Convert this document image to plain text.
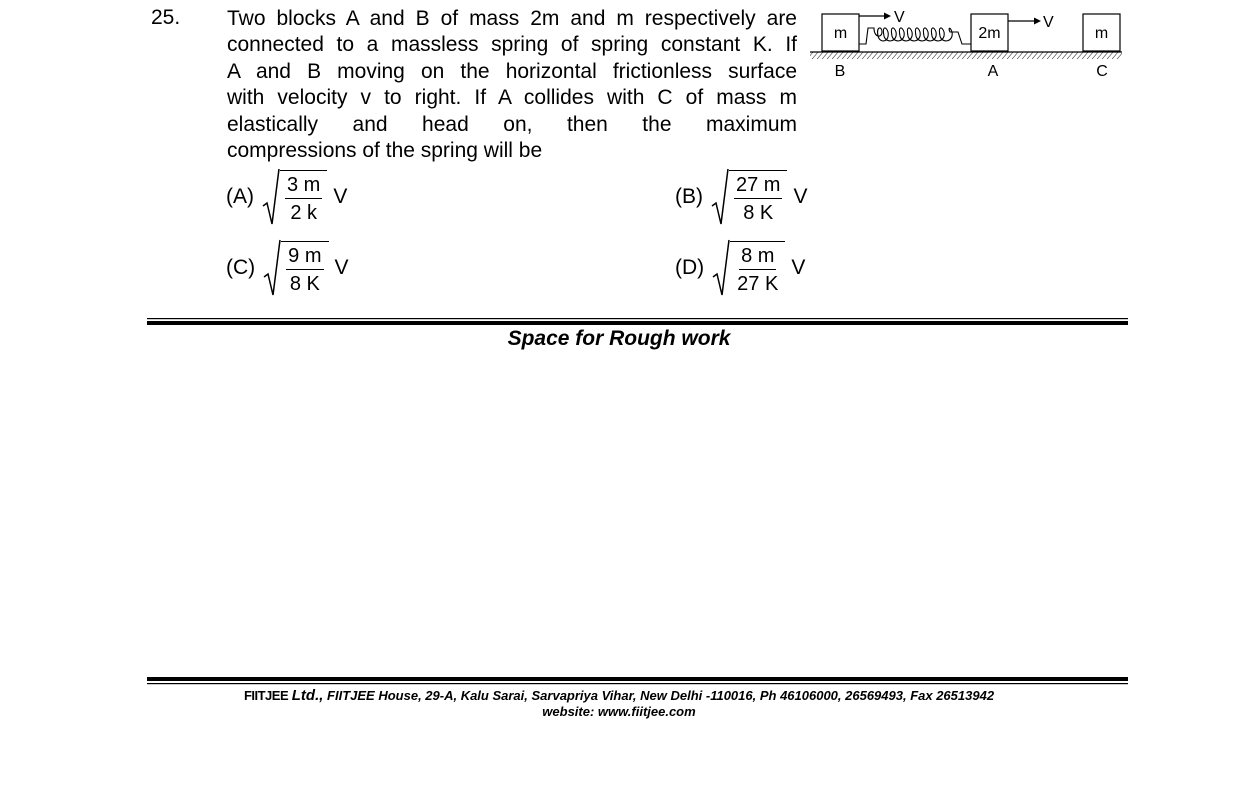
25. Two blocks A and B of mass 2m and m respectively are
connected to a massless spring of spring constant K. If
A and B moving on the horizontal frictionless surface
with velocity v to right. If A collides with C of mass m
elastically and head on, then the maximum
compressions of the spring will be
m	2m	m
V	V
B	A	C
$(A) \frac{3 m}{2 k}$ V	$(B) \frac{27 m}{8 K}$ V
$(C) \frac{9 m}{8 K}$ V	$(D) \frac{8 m}{27 K}$ V
Space for Rough work
FIITJEE Ltd., FIITJEE House, 29-A, Kalu Sarai, Sarvapriya Vihar, New Delhi -110016, Ph 46106000, 26569493, Fax 26513942
website: www.fiitjee.com
